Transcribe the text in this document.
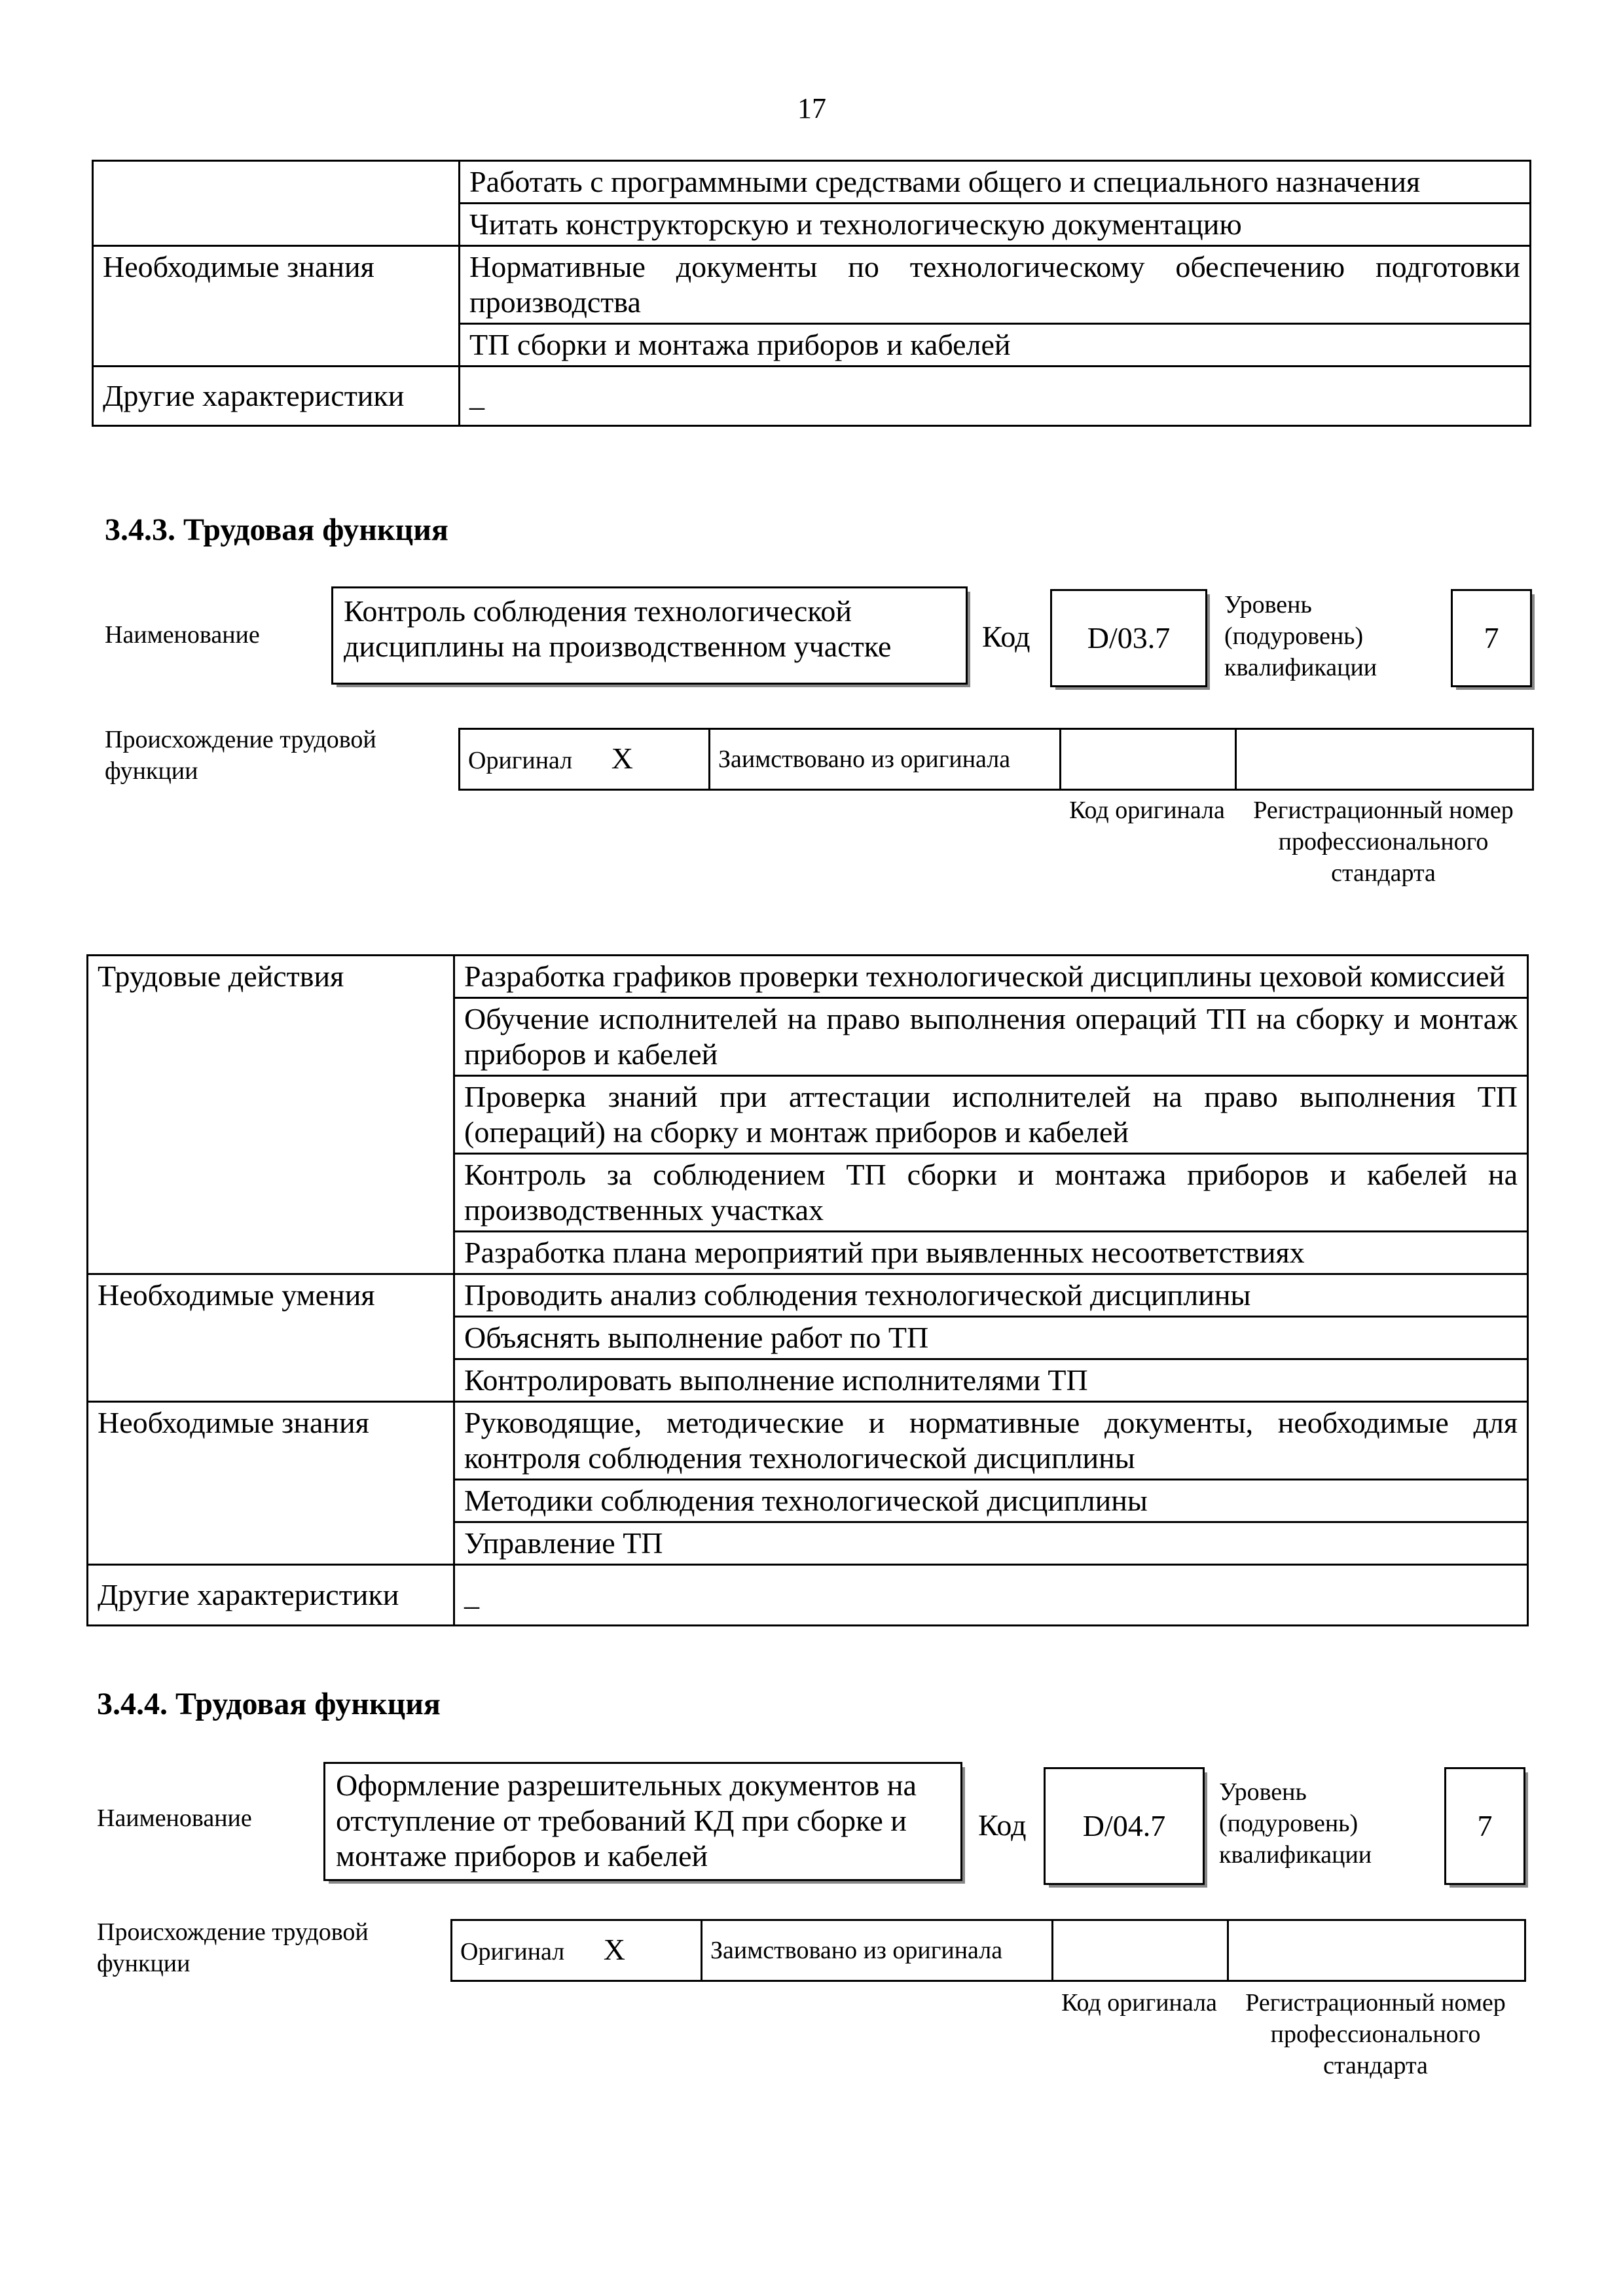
17
	Работать с программными средствами общего и специального назначения
	Читать конструкторскую и технологическую документацию
Необходимые знания	Нормативные документы по технологическому обеспечению подготовки производства
	ТП сборки и монтажа приборов и кабелей
Другие характеристики	_
3.4.3. Трудовая функция
Наименование
Контроль соблюдения технологической дисциплины на производственном участке	Код D/03.7
Уровень (подуровень) квалификации
7
Происхождение трудовой функции	Оригинал X	Заимствовано из оригинала		
Код оригинала	Регистрационный номер профессионального стандарта
Трудовые действия	Разработка графиков проверки технологической дисциплины цеховой комиссией
	Обучение исполнителей на право выполнения операций ТП на сборку и монтаж приборов и кабелей
	Проверка знаний при аттестации исполнителей на право выполнения ТП (операций) на сборку и монтаж приборов и кабелей
	Контроль за соблюдением ТП сборки и монтажа приборов и кабелей на производственных участках
	Разработка плана мероприятий при выявленных несоответствиях
Необходимые умения	Проводить анализ соблюдения технологической дисциплины
	Объяснять выполнение работ по ТП
	Контролировать выполнение исполнителями ТП
Необходимые знания	Руководящие, методические и нормативные документы, необходимые для контроля соблюдения технологической дисциплины
	Методики соблюдения технологической дисциплины
	Управление ТП
Другие характеристики	_
3.4.4. Трудовая функция
Наименование
Оформление разрешительных документов на отступление от требований КД при сборке и монтаже приборов и кабелей
Код D/04.7
Уровень (подуровень) квалификации
7
Происхождение трудовой функции	Оригинал X	Заимствовано из оригинала		
Код оригинала	Регистрационный номер профессионального стандарта
